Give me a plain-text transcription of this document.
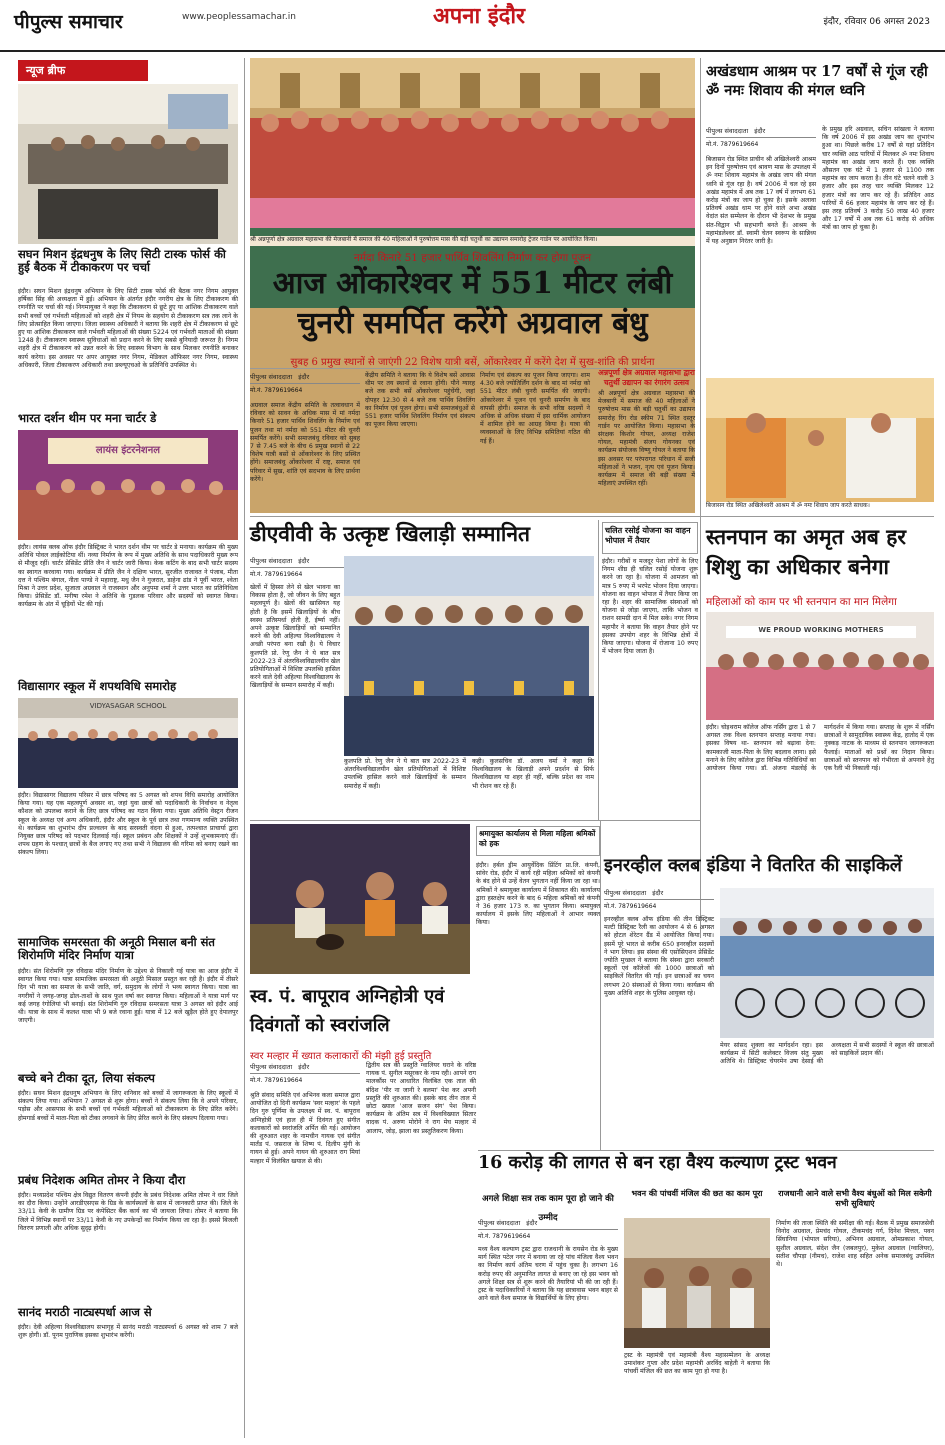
पीपुल्स समाचार	www.peoplessamachar.in	अपना इंदौर	इंदौर, रविवार 06 अगस्त 2023
न्यूज ब्रीफ
सघन मिशन इंद्रधनुष के लिए सिटी टास्क फोर्स की हुई बैठक में टीकाकरण पर चर्चा
इंदौर। सघन मिशन इंद्रधनुष अभियान के लिए सिटी टास्क फोर्स की बैठक नगर निगम आयुक्त हर्षिका सिंह की अध्यक्षता में हुई। अभियान के अंतर्गत इंदौर नगरीय क्षेत्र के लिए टीकाकरण की रणनीति पर चर्चा की गई। निगमायुक्त ने कहा कि टीकाकरण से छूटे हुए या आंशिक टीकाकरण वाले सभी बच्चों एवं गर्भवती महिलाओं को शहरी क्षेत्र में नियम के सहयोग से टीकाकरण सत्र तक लाने के लिए प्रोत्साहित किया जाएगा। जिला स्वास्थ्य अधिकारी ने बताया कि शहरी क्षेत्र में टीकाकरण से छूटे हुए या आंशिक टीकाकरण वाले गर्भवती महिलाओं की संख्या 5224 एवं गर्भवती माताओं की संख्या 1248 है। टीकाकरण स्वास्थ्य सुविधाओं को प्रदान करने के लिए सबसे बुनियादी जरूरत है। निगम शहरी क्षेत्र में टीकाकरण को उन्नत करने के लिए स्वास्थ्य विभाग के साथ मिलकर रणनीति बनाकर कार्य करेगा। इस अवसर पर अपर आयुक्त नगर निगम, मेडिकल ऑफिसर नगर निगम, स्वास्थ्य अधिकारी, जिला टीकाकरण अधिकारी तथा डब्ल्यूएचओ के प्रतिनिधि उपस्थित थे।
भारत दर्शन थीम पर मना चार्टर डे
लायंस इंटरनेशनल
इंदौर। लायंस क्लब ऑफ इंदौर डिस्ट्रिक्ट ने भारत दर्शन थीम पर चार्टर डे मनाया। कार्यक्रम की मुख्य अतिथि पोवल लाईकोटिया थीं। नव्या निर्माण के रूप में मुख्य अतिथि के साथ पदाधिकारी मुख्य रूप से मौजूद रहीं। चार्टर प्रेसिडेंट प्रीति जैन ने चार्टर जारी किया। केक कटिंग के बाद सभी चार्टर सदस्य का स्वागत करवाया गया। कार्यक्रम में प्रीति जैन ने दक्षिण भारत, सुरजीत राजावत ने पंजाब, मीता दत्त ने पश्चिम बंगाल, नीता पाण्डे ने महाराष्ट्र, मधु जैन ने गुजरात, डाहेना ढांड ने पूर्वी भारत, श्वेता मिश्रा ने उत्तर प्रदेश, सुजाता अग्रवाल ने राजस्थान और अनुपमा शर्मा ने उत्तर भारत का प्रतिनिधित्व किया। प्रेसिडेंट डॉ. मनीषा रमेश ने अतिथि के गुडलक परिवार और सदस्यों को स्वागत किया। कार्यक्रम के अंत में चूड़ियों भेंट की गई।
विद्यासागर स्कूल में शपथविधि समारोह
VIDYASAGAR SCHOOL
इंदौर। विद्यासागर विद्यालय परिसर में छात्र परिषद का 5 अगस्त को शपथ विधि समारोह आयोजित किया गया। यह एक महत्वपूर्ण अवसर था, जहां युवा छात्रों को पदाधिकारी के निर्वाचन व नेतृत्व कौशल को उपलब्ध कराने के लिए छात्र परिषद का गठन किया गया। मुख्य अतिथि वेस्ट्रन रीजन स्कूल के अध्यक्ष एवं अन्य अधिकारी, इंदौर और स्कूल के पूर्व छात्र तथा गणमान्य व्यक्ति उपस्थित थे। कार्यक्रम का शुभारंभ दीप प्रज्वलन के बाद सरस्वती वंदना से हुआ, तत्पश्चात प्राचार्या द्वारा नियुक्त छात्र परिषद को पदभार दिलवाई गई। स्कूल प्रबंधन और शिक्षकों ने उन्हें शुभकामनाएं दीं। शपथ ग्रहण के पश्चात् छात्रों के बैज लगाए गए तथा सभी ने विद्यालय की गरिमा को बनाए रखने का संकल्प लिया।
सामाजिक समरसता की अनूठी मिसाल बनी संत शिरोमणि मंदिर निर्माण यात्रा
इंदौर। संत शिरोमणि गुरु रविदास मंदिर निर्माण के उद्देश्य से निकाली गई यात्रा का आज इंदौर में स्वागत किया गया। यात्रा सामाजिक समरसता की अनूठी मिसाल प्रस्तुत कर रही है। इंदौर में तीसरे दिन भी यात्रा का समाज के सभी जाति, वर्ग, समुदाय के लोगों ने भव्य स्वागत किया। यात्रा का नगरीयों ने जगह-जगह ढोल-ताशों के साथ फूल वर्षा कर स्वागत किया। महिलाओं ने यात्रा मार्ग पर कई जगह रंगोलियां भी बनाई। संत शिरोमणि गुरु रविदास समरसता यात्रा 3 अगस्त को इंदौर आई थी। यात्रा के साथ में कलश यात्रा भी 9 बजे रवाना हुई। यात्रा में 12 बजे खुड़ैल होते हुए देपालपुर जाएगी।
बच्चे बने टीका दूत, लिया संकल्प
इंदौर। सघन मिशन इंद्रधनुष अभियान के लिए शनिवार को बच्चों में जागरूकता के लिए स्कूलों में संकल्प लिया गया। अभियान 7 अगस्त से शुरू होगा। बच्चों ने संकल्प लिया कि वे अपने परिवार, पड़ोस और आसपास के सभी बच्चों एवं गर्भवती महिलाओं को टीकाकरण के लिए प्रेरित करेंगे। होमगार्ड बच्चों में माता-पिता को टीका लगवाने के लिए प्रेरित करने के लिए संकल्प दिलाया गया।
प्रबंध निदेशक अमित तोमर ने किया दौरा
इंदौर। मध्यप्रदेश पश्चिम क्षेत्र विद्युत वितरण कंपनी इंदौर के प्रबंध निदेशक अमित तोमर ने धार जिले का दौरा किया। उन्होंने आरडीएसएस के ग्रिड के कार्यस्थलों के साथ में जानकारी प्राप्त की। जिले के 33/11 केवी के ग्रामीण ग्रिड पर कंपेसिटर बैंक कार्य का भी जायजा लिया। तोमर ने बताया कि जिले में विभिन्न स्थानों पर 33/11 केवी के नए उपकेन्द्रों का निर्माण किया जा रहा है। इससे बिजली वितरण प्रणाली और अधिक सुदृढ़ होगी।
सानंद मराठी नाट्यस्पर्धा आज से
इंदौर। देवी अहिल्या विश्वविद्यालय सभागृह में सानंद मराठी नाट्यस्पर्धा 6 अगस्त को शाम 7 बजे शुरू होगी। डॉ. पूनम पुराणिक इसका शुभारंभ करेंगी।
श्री अन्नपूर्णा क्षेत्र अग्रवाल महासभा की मेजबानी में समाज की 40 महिलाओं ने पुरुषोत्तम मास की बड़ी चतुर्थी का उद्यापन समारोह ट्रेजर गार्डन पर आयोजित किया।
नर्मदा किनारे 51 हजार पार्थिव शिवलिंग निर्माण कर होगा पूजन
आज ओंकारेश्वर में 551 मीटर लंबी चुनरी समर्पित करेंगे अग्रवाल बंधु
सुबह 6 प्रमुख स्थानों से जाएंगी 22 विशेष यात्री बसें, ओंकारेश्वर में करेंगे देश में सुख-शांति की प्रार्थना
पीपुल्स संवाददाता इंदौर
मो.नं. 7879619664
अग्रवाल समाज केंद्रीय समिति के तत्वावधान में रविवार को सावन के अधिक मास में मां नर्मदा किनारे 51 हजार पार्थिव शिवलिंग के निर्माण एवं पूजन तथा मां नर्मदा को 551 मीटर की चुनरी समर्पित करेंगे। सभी समाजबंधु रविवार को सुबह 7 से 7.45 बजे के बीच 6 प्रमुख स्थानों से 22 विशेष यात्री बसों से ओंकारेश्वर के लिए प्रस्थित होंगे। समाजबंधु ओंकारेश्वर में राष्ट्र, समाज एवं परिवार में सुख, शांति एवं सदभाव के लिए प्रार्थना करेंगे।
केंद्रीय समिति ने बताया कि ये विशेष बसें आवास थीम पर तय स्थानों से रवाना होंगी। पौने ग्यारह बजे तक सभी बसें ओंकारेश्वर पहुंचेंगी, जहां दोपहर 12.30 से 4 बजे तक पार्थिव शिवलिंग का निर्माण एवं पूजन होगा। सभी समाजबंधुओं से 551 हजार पार्थिव शिवलिंग निर्माण एवं संकल्प का पूजन किया जाएगा।
निर्माण एवं संकल्प का पूजन किया जाएगा। शाम 4.30 बजे ज्योतिर्लिंग दर्शन के बाद मां नर्मदा को 551 मीटर लंबी चुनरी समर्पित की जाएगी। ओंकारेश्वर में पूजन एवं चुनरी समर्पण के बाद वापसी होगी। समाज के सभी वरिष्ठ सदस्यों ने अधिक से अधिक संख्या में इस धार्मिक आयोजन में शामिल होने का आग्रह किया है। यात्रा की व्यवस्थाओं के लिए विभिन्न समितियां गठित की गई हैं।
अन्नपूर्णा क्षेत्र अग्रवाल महासभा द्वारा चतुर्थी उद्यापन का रंगारंग उत्सव
श्री अन्नपूर्णा क्षेत्र अग्रवाल महासभा की मेजबानी में समाज की 40 महिलाओं ने पुरुषोत्तम मास की बड़ी चतुर्थी का उद्यापन समारोह रिंग रोड स्कीम 71 स्थित दस्तूर गार्डन पर आयोजित किया। महासभा के संरक्षक किशोर गोयल, अध्यक्ष राजेश गोयल, महामंत्री संजय गोयनका एवं कार्यक्रम संयोजक विष्णु गोयल ने बताया कि इस अवसर पर परंपरागत परिधान में सजी महिलाओं ने भजन, नृत्य एवं पूजन किया। कार्यक्रम में समाज की बड़ी संख्या में महिलाएं उपस्थित रहीं।
अखंडधाम आश्रम पर 17 वर्षों से गूंज रही ॐ नमः शिवाय की मंगल ध्वनि
पीपुल्स संवाददाता इंदौर
मो.नं. 7879619664
बिजासन रोड स्थित प्राचीन श्री अखिलेश्वरी आश्रम इन दिनों पुरुषोत्तम एवं श्रावण मास के उपलक्ष्य में ॐ नमः शिवाय महामंत्र के अखंड जाप की मंगल ध्वनि से गूंज रहा है। वर्ष 2006 में चल रहे इस अखंड महामंत्र में अब तक 17 वर्ष में लगभग 61 करोड़ मंत्रों का जाप हो चुका है। इसके अलावा प्रतिवर्ष अखंड धाम पर होने वाले अभा अखंड वेदांत संत सम्मेलन के दौरान भी देशभर के प्रमुख संत-विद्वान भी सहभागी बनते हैं। आश्रम के महामंडलेश्वर डॉ. स्वामी चेतन स्वरूप के सान्निध्य में यह अनुष्ठान निरंतर जारी है।
के प्रमुख हरि अग्रवाल, सचिन सांखला ने बताया कि वर्ष 2006 में इस अखंड जाप का शुभारंभ हुआ था। पिछले करीब 17 वर्षों से यहां प्रतिदिन चार व्यक्ति आठ पारियों में मिलकर ॐ नमः शिवाय महामंत्र का अखंड जाप करते हैं। एक व्यक्ति औसतन एक घंटे में 1 हजार से 1100 तक महामंत्र का जाप करता है। तीन घंटे चलने वाली 3 हजार और इस तरह चार व्यक्ति मिलकर 12 हजार मंत्रों का जाप कर रहे हैं। प्रतिदिन आठ पारियों में 66 हजार महामंत्र के जाप कर रहे हैं। इस तरह प्रतिवर्ष 3 करोड़ 50 लाख 40 हजार और 17 वर्षों में अब तक 61 करोड़ से अधिक मंत्रों का जाप हो चुका है।
बिजासन रोड स्थित अखिलेश्वरी आश्रम में ॐ नमः शिवाय जाप करते साधक।
स्तनपान का अमृत अब हर शिशु का अधिकार बनेगा
महिलाओं को काम पर भी स्तनपान का मान मिलेगा
WE PROUD WORKING MOTHERS
इंदौर। चोइथराम कॉलेज ऑफ नर्सिंग द्वारा 1 से 7 अगस्त तक विश्व स्तनपान सप्ताह मनाया गया। इसका विषय था- स्तनपान को बढ़ावा देना: कामकाजी माता-पिता के लिए बदलाव लाना। इसे मनाने के लिए कॉलेज द्वारा विभिन्न गतिविधियों का आयोजन किया गया। डॉ. अंजना मंडलोई के मार्गदर्शन में किया गया। सप्ताह के शुरू में नर्सिंग छात्राओं ने सामुदायिक स्वास्थ्य केंद्र, हातोद में एक नुक्कड़ नाटक के माध्यम से स्तनपान जागरूकता फैलाई। माताओं को प्रश्नों का निदान किया। छात्राओं को स्तनपान को गंभीरता से अपनाने हेतु एक रैली भी निकाली गई।
डीएवीवी के उत्कृष्ट खिलाड़ी सम्मानित
पीपुल्स संवाददाता इंदौर
मो.नं. 7879619664
खेलों में हिस्सा लेने से खेल भावना का विकास होता है, जो जीवन के लिए बहुत महत्वपूर्ण है। खेलों की खासियत यह होती है कि इसमें खिलाड़ियों के बीच स्वस्थ प्रतिस्पर्धा होती है, ईर्ष्या नहीं। अपने उत्कृष्ट खिलाड़ियों को सम्मानित करने की देवी अहिल्या विश्वविद्यालय ने अच्छी परंपरा बना रखी है। ये विचार कुलपति प्रो. रेणु जैन ने ये बात सत्र 2022-23 में अंतरविश्वविद्यालयीन खेल प्रतियोगिताओं में विशिष्ट उपलब्धि हासिल करने वाले देवी अहिल्या विश्वविद्यालय के खिलाड़ियों के सम्मान समारोह में कही।
कुलपति प्रो. रेणु जैन ने ये बात सत्र 2022-23 में अंतरविश्वविद्यालयीन खेल प्रतियोगिताओं में विशिष्ट उपलब्धि हासिल करने वाले खिलाड़ियों के सम्मान समारोह में कही।
कही। कुलसचिव डॉ. अजय वर्मा ने कहा कि विश्वविद्यालय के खिलाड़ी अपने प्रदर्शन से सिर्फ विश्वविद्यालय या शहर ही नहीं, बल्कि प्रदेश का नाम भी रोशन कर रहे हैं।
चलित रसोई योजना का वाहन भोपाल में तैयार
इंदौर। गरीबों व मजदूर पेशा लोगों के लिए निगम शीघ्र ही चलित रसोई योजना शुरू करने जा रहा है। योजना में आमजन को मात्र 5 रुपए में भरपेट भोजन दिया जाएगा। योजना का वाहन भोपाल में तैयार किया जा रहा है। शहर की सामाजिक संस्थाओं को योजना से जोड़ा जाएगा, ताकि भोजन व राशन सामग्री दान में मिल सके। नगर निगम महापौर ने बताया कि वाहन तैयार होने पर इसका उपयोग शहर के विभिन्न क्षेत्रों में किया जाएगा। योजना में रोजाना 10 रुपए में भोजन दिया जाता है।
श्रमायुक्त कार्यालय से मिला महिला श्रमिकों को हक
इंदौर। हर्बल ड्रीम आयुर्वेदिक प्रिंटिंग प्रा.लि. कंपनी, सांवेर रोड, इंदौर में कार्य रही महिला श्रमिकों को कंपनी के बंद होने से उन्हें वेतन भुगतान नहीं किया जा रहा था। श्रमिकों ने श्रमायुक्त कार्यालय में शिकायत की। कार्यालय द्वारा हस्तक्षेप करने के बाद 6 महिला श्रमिकों को कंपनी ने 36 हजार 173 रु. का भुगतान किया। श्रमायुक्त कार्यालय में इसके लिए महिलाओं ने आभार व्यक्त किया।
स्व. पं. बापूराव अग्निहोत्री एवं दिवंगतों को स्वरांजलि
स्वर मल्हार में ख्यात कलाकारों की मंझी हुई प्रस्तुति
पीपुल्स संवाददाता इंदौर
मो.नं. 7879619664
श्रुति संवाद समिति एवं अभिनव कला समाज द्वारा आयोजित दो दिनी कार्यक्रम 'स्वर मल्हार' के पहले दिन गुरु पूर्णिमा के उपलक्ष्य में स्व. पं. बापूराव अग्निहोत्री एवं हाल ही में दिवंगत हुए संगीत कलाकारों को स्वरांजलि अर्पित की गई। आयोजन की शुरुआत शहर के नामचीन गायक एवं संगीत मार्तंड पं. जसराज के शिष्य पं. दिलीप मुंगी के गायन से हुई। अपने गायन की शुरुआत राग मियां मल्हार में विलंबित खयाल से की।
द्वितीय सत्र की प्रस्तुति ग्वालियर घराने के वरिष्ठ गायक पं. सुनील मसूरकर के नाम रही। आपने राग मालकौंस पर आधारित विलंबित एक ताल की बंदिश 'पीर ना जानी रे बलमा' पेश कर अपनी प्रस्तुति की शुरुआत की। इसके बाद तीन ताल में छोटा ख्याल 'आज सजन संग' पेश किया। कार्यक्रम के अंतिम सत्र में विश्वविख्यात सितार वादक पं. अरुण मोरोने ने राग मेघ मल्हार में आलाप, जोड़, झाला का प्रस्तुतिकरण किया।
इनरव्हील क्लब इंडिया ने वितरित की साइकिलें
पीपुल्स संवाददाता इंदौर
मो.नं. 7879619664
इनरव्हील क्लब ऑफ इंडिया की तीन डिस्ट्रिक्ट मल्टी डिस्ट्रिक्ट रैली का आयोजन 4 से 6 अगस्त को होटल शेरेटन ग्रैंड में आयोजित किया गया। इसमें पूरे भारत से करीब 650 इनरव्हील सदस्यों ने भाग लिया। इस संस्था की एसोसिएशन प्रेसिडेंट ज्योति मुच्छल ने बताया कि संस्था द्वारा सरकारी स्कूलों एवं कॉलेजों की 1000 छात्राओं को साइकिलें वितरित की गईं। इन छात्राओं का चयन लगभग 20 संस्थाओं से किया गया। कार्यक्रम की मुख्य अतिथि शहर के पुलिस आयुक्त रहे।
मेयर सांसद शुक्ला का मार्गदर्शन रहा। इस कार्यक्रम में सिटी कलेक्टर विजय संतु मुख्य अतिथि थे। डिस्ट्रिक्ट चेयरमेन उषा देसाई की अध्यक्षता में सभी सदस्यों ने स्कूल की छात्राओं को साइकिलें प्रदान कीं।
16 करोड़ की लागत से बन रहा वैश्य कल्याण ट्रस्ट भवन
अगले शिक्षा सत्र तक काम पूरा हो जाने की उम्मीद
पीपुल्स संवाददाता इंदौर
मो.नं. 7879619664
मध्य वैश्य कल्याण ट्रस्ट द्वारा राजधानी के रायसेन रोड के मुख्य मार्ग स्थित पटेल नगर में बनाया जा रहे पांच मंजिला वैश्य भवन का निर्माण कार्य अंतिम चरण में पहुंच चुका है। लगभग 16 करोड़ रुपए की अनुमानित लागत से बनाए जा रहे इस भवन को अगले शिक्षा सत्र से शुरू करने की तैयारियां भी की जा रही हैं। ट्रस्ट के पदाधिकारियों ने बताया कि यह छात्रावास भवन बाहर से आने वाले वैश्य समाज के विद्यार्थियों के लिए होगा।
भवन की पांचवीं मंजिल की छत का काम पूरा
ट्रस्ट के महामंत्री एवं महामंत्री वैश्य महासम्मेलन के अध्यक्ष उमाशंकर गुप्ता और प्रदेश महामंत्री अरविंद बाहेती ने बताया कि पांचवीं मंजिल की छत का काम पूरा हो गया है।
राजधानी आने वाले सभी वैश्य बंधुओं को मिल सकेगी सभी सुविधाएं
निर्माण की ताजा स्थिति की समीक्षा की गई। बैठक में प्रमुख समाजसेवी विनोद अग्रवाल, प्रेमचंद गोयल, टीकमचंद गर्ग, दिनेश मित्तल, पवन सिंघानिया (भोपाल सरिया), अभिनव अग्रवाल, ओमप्रकाश गोयल, सुशील अग्रवाल, संदेश जैन (जबलपुर), मुकेश अग्रवाल (ग्वालियर), सतीश चौपड़ा (नीमच), राजेश शाह सहित अनेक समाजबंधु उपस्थित थे।
